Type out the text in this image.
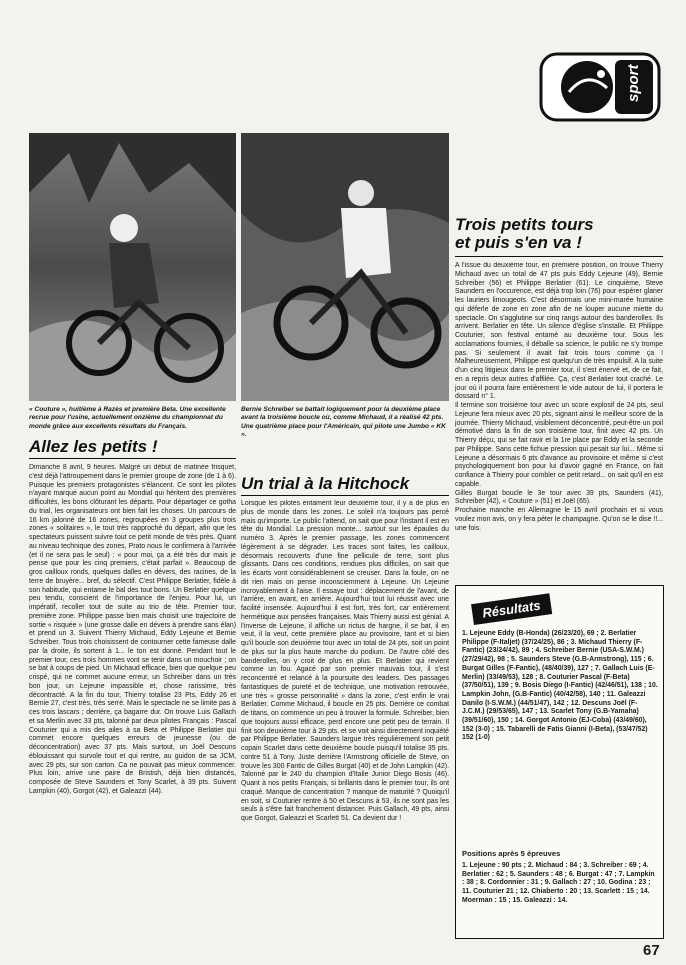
sport

« Couture », huitième à Razès et première Beta. Une excellente recrue pour l'usine, actuellement onzième du championnat du monde grâce aux excellents résultats du Français.

Bernie Schreiber se battait logiquement pour la deuxième place avant la troisième boucle où, comme Michaud, il a réalisé 42 pts. Une quatrième place pour l'Américain, qui pilote une Jumbo « KK ».

Allez les petits !

Dimanche 8 avril, 9 heures. Malgré un début de matinée frisquet, c'est déjà l'attroupement dans le premier groupe de zone (de 1 à 6). Puisque les premiers protagonistes s'élancent. Ce sont les pilotes n'ayant marqué aucun point au Mondial qui héritent des premières difficultés, les bons clôturant les départs. Pour départager ce gotha du trial, les organisateurs ont bien fait les choses. Un parcours de 16 km jalonné de 16 zones, regroupées en 3 groupes plus trois zones « solitaires », le tout très rapproché du départ, afin que les spectateurs puissent suivre tout ce petit monde de très près. Quant au niveau technique des zones, Prato nous le confirmera à l'arrivée (et il ne sera pas le seul) : « pour moi, ça a été très dur mais je pense que pour les cinq premiers, c'était parfait ». Beaucoup de gros cailloux ronds, quelques dalles en dévers, des racines, de la terre de bruyère... bref, du sélectif. C'est Philippe Berlatier, fidèle à son habitude, qui entame le bal des tout bons. Un Berlatier quelque peu tendu, conscient de l'importance de l'enjeu. Pour lui, un impératif, recoller tout de suite au trio de tête. Premier tour, première zone. Philippe passe bien mais choisit une trajectoire de sortie « risquée » (une grosse dalle en dévers à prendre sans élan) et prend un 3. Suivent Thierry Michaud, Eddy Lejeune et Bernie Schreiber. Tous trois choisissent de contourner cette fameuse dalle par la droite, ils sortent à 1... le ton est donné. Pendant tout le premier tour, ces trois hommes vont se tenir dans un mouchoir ; on se bat à coups de pied. Un Michaud efficace, bien que quelque peu crispé, qui ne commet aucune erreur, un Schreiber dans un très bon jour, un Lejeune impassible et, chose rarissime, très décontracté. A la fin du tour, Thierry totalise 23 Pts, Eddy 26 et Bernie 27, c'est très, très serré. Mais le spectacle ne se limite pas à ces trois lascars ; derrière, ça bagarre dur. On trouve Luis Gallach et sa Merlin avec 33 pts, talonné par deux pilotes Français : Pascal Couturier qui a mis des ailes à sa Beta et Philippe Berlatier qui commet encore quelques erreurs de jeunesse (ou de déconcentration) avec 37 pts. Mais surtout, un Joël Descuns éblouissant qui survole tout et qui rentre, au guidon de sa JCM, avec 29 pts, sur son carton. Ca ne pouvait pas mieux commencer. Plus loin, arrive une paire de Bristish, déjà bien distancés, composée de Steve Saunders et Tony Scarlet, à 39 pts. Suivent Lampkin (40), Gorgot (42), et Galeazzi (44).

Un trial à la Hitchock

Lorsque les pilotes entament leur deuxième tour, il y a de plus en plus de monde dans les zones. Le soleil n'a toujours pas percé mais qu'importe. Le public l'attend, on sait que pour l'instant il est en tête du Mondial. La pression monte... surtout sur les épaules du numéro 3. Après le premier passage, les zones commencent légèrement à se dégrader. Les traces sont faites, les cailloux, désormais recouverts d'une fine pellicule de terre, sont plus glissants. Dans ces conditions, rendues plus difficiles, on sait que les écarts vont considérablement se creuser. Dans la foule, on ne dit rien mais on pense inconsciemment à Lejeune. Un Lejeune incroyablement à l'aise. Il essaye tout : déplacement de l'avant, de l'arrière, en avant, en arrière. Aujourd'hui tout lui réussit avec une facilité insensée. Aujourd'hui il est fort, très fort, car entièrement hermétique aux pensées françaises. Mais Thierry aussi est génial. A l'inverse de Lejeune, il affiche un rictus de hargne, il se bat, il en veut, il la veut, cette première place au provisoire, tant et si bien qu'il boucle son deuxième tour avec un total de 24 pts, soit un point de plus sur la plus haute marche du podium. De l'autre côté des banderolles, on y croit de plus en plus. Et Berlatier qui revient comme un fou. Agacé par son premier mauvais tour, il s'est reconcentré et relancé à la poursuite des leaders. Des passages fantastiques de pureté et de technique, une motivation retrouvée, une très « grosse personnalité » dans la zone, c'est enfin le vrai Berlatier. Comme Michaud, il boucle en 25 pts. Derrière ce combat de titans, on commence un peu à trouver la formule. Schreiber, bien que toujours aussi efficace, perd encore une petit peu de terrain. Il finit son deuxième tour à 29 pts. et se voit ainsi directement inquiété par Philippe Berlatier. Saunders largue très régulièrement son petit copain Scarlet dans cette deuxième boucle puisqu'il totalise 35 pts. contre 51 à Tony. Juste derrière l'Armstrong officielle de Steve, on trouve les 300 Fantic de Gilles Burgat (40) et de John Lampkin (42). Talonné par le 240 du champion d'Italie Junior Diego Bosis (46). Quant à nos petits Français, si brillants dans le premier tour, ils ont craqué. Manque de concentration ? manque de maturité ? Quoiqu'il en soit, si Couturier rentre à 50 et Descuns à 53, ils ne sont pas les seuls à s'être fait franchement distancer. Puis Gallach, 49 pts, ainsi que Gorgot, Galeazzi et Scarlett 51. Ca devient dur !

Trois petits tours
et puis s'en va !

A l'issue du deuxième tour, en première position, on trouve Thierry Michaud avec un total de 47 pts puis Eddy Lejeune (49), Bernie Schreiber (56) et Philippe Berlatier (61). Le cinquième, Steve Saunders en l'occurence, est déjà trop loin (76) pour espérer glaner les lauriers limougeots. C'est désormais une mini-marée humaine qui déferle de zone en zone afin de ne louper aucune miette du spectacle. On s'agglutine sur cinq rangs autour des banderolles. Ils arrivent. Berlatier en tête. Un silence d'église s'installe. Et Philippe Couturier, son festival entamé au deuxième tour. Sous les acclamations fournies, il déballe sa science, le public ne s'y trompe pas. Si seulement il avait fait trois tours comme ça ! Malheureusement, Philippe est quelqu'un de très impulsif. A la suite d'un cinq litigieux dans le premier tour, il s'est énervé et, de ce fait, en a repris deux autres d'affilée. Ça, c'est Berlatier tout craché. Le jour où il pourra faire entièrement le vide autour de lui, il portera le dossard n° 1.

Il termine son troisième tour avec un score explosif de 24 pts, seul Lejeune fera mieux avec 20 pts, signant ainsi le meilleur score de la journée. Thierry Michaud, visiblement déconcentré, peut-être un poil démotivé dans la fin de son troisième tour, finit avec 42 pts. Un Thierry déçu, qui se fait ravir et la 1re place par Eddy et la seconde par Philippe. Sans cette fichue pression qui pesait sur lui... Même si Lejeune a désormais 6 pts d'avance au provisoire et même si c'est psychologiquement bon pour lui d'avoir gagné en France, on fait confiance à Thierry pour combler ce petit retard... on sait qu'il en est capable.

Gilles Burgat boucle le 3e tour avec 39 pts, Saunders (41), Schreiber (42), « Couture » (51) et Joël (65).

Prochaine manche en Allemagne le 15 avril prochain et si vous voulez mon avis, on y fera péter le champagne. Qu'on se le dise !!... une fois.

Résultats

1. Lejeune Eddy (B-Honda) (26/23/20), 69 ; 2. Berlatier Philippe (F-Italjet) (37/24/25), 86 ; 3. Michaud Thierry (F-Fantic) (23/24/42), 89 ; 4. Schreiber Bernie (USA-S.W.M.) (27/29/42), 98 ; 5. Saunders Steve (G.B-Armstrong), 115 ; 6. Burgat Gilles (F-Fantic), (48/40/39), 127 ; 7. Gallach Luis (E-Merlin) (33/49/53), 128 ; 8. Couturier Pascal (F-Beta) (37/50/51), 139 ; 9. Bosis Diego (I-Fantic) (42/46/51), 138 ; 10. Lampkin John, (G.B-Fantic) (40/42/58), 140 ; 11. Galeazzi Danilo (I-S.W.M.) (44/51/47), 142 ; 12. Descuns Joël (F-J.C.M.) (29/53/65), 147 ; 13. Scarlet Tony (G.B-Yamaha) (39/51/60), 150 ; 14. Gorgot Antonio (EJ-Coba) (43/49/60), 152 (3-0) ; 15. Tabarelli de Fatis Gianni (I-Beta), (53/47/52) 152 (1-0)

Positions après 5 épreuves

1. Lejeune : 90 pts ; 2. Michaud : 84 ; 3. Schreiber : 69 ; 4. Berlatier : 62 ; 5. Saunders : 48 ; 6. Burgat : 47 ; 7. Lampkin : 38 ; 8. Cordonnier : 31 ; 9. Gallach : 27 ; 10. Godina : 23 ; 11. Couturier 21 ; 12. Chiaberto : 20 ; 13. Scarlett : 15 ; 14. Moerman : 15 ; 15. Galeazzi : 14.

67
